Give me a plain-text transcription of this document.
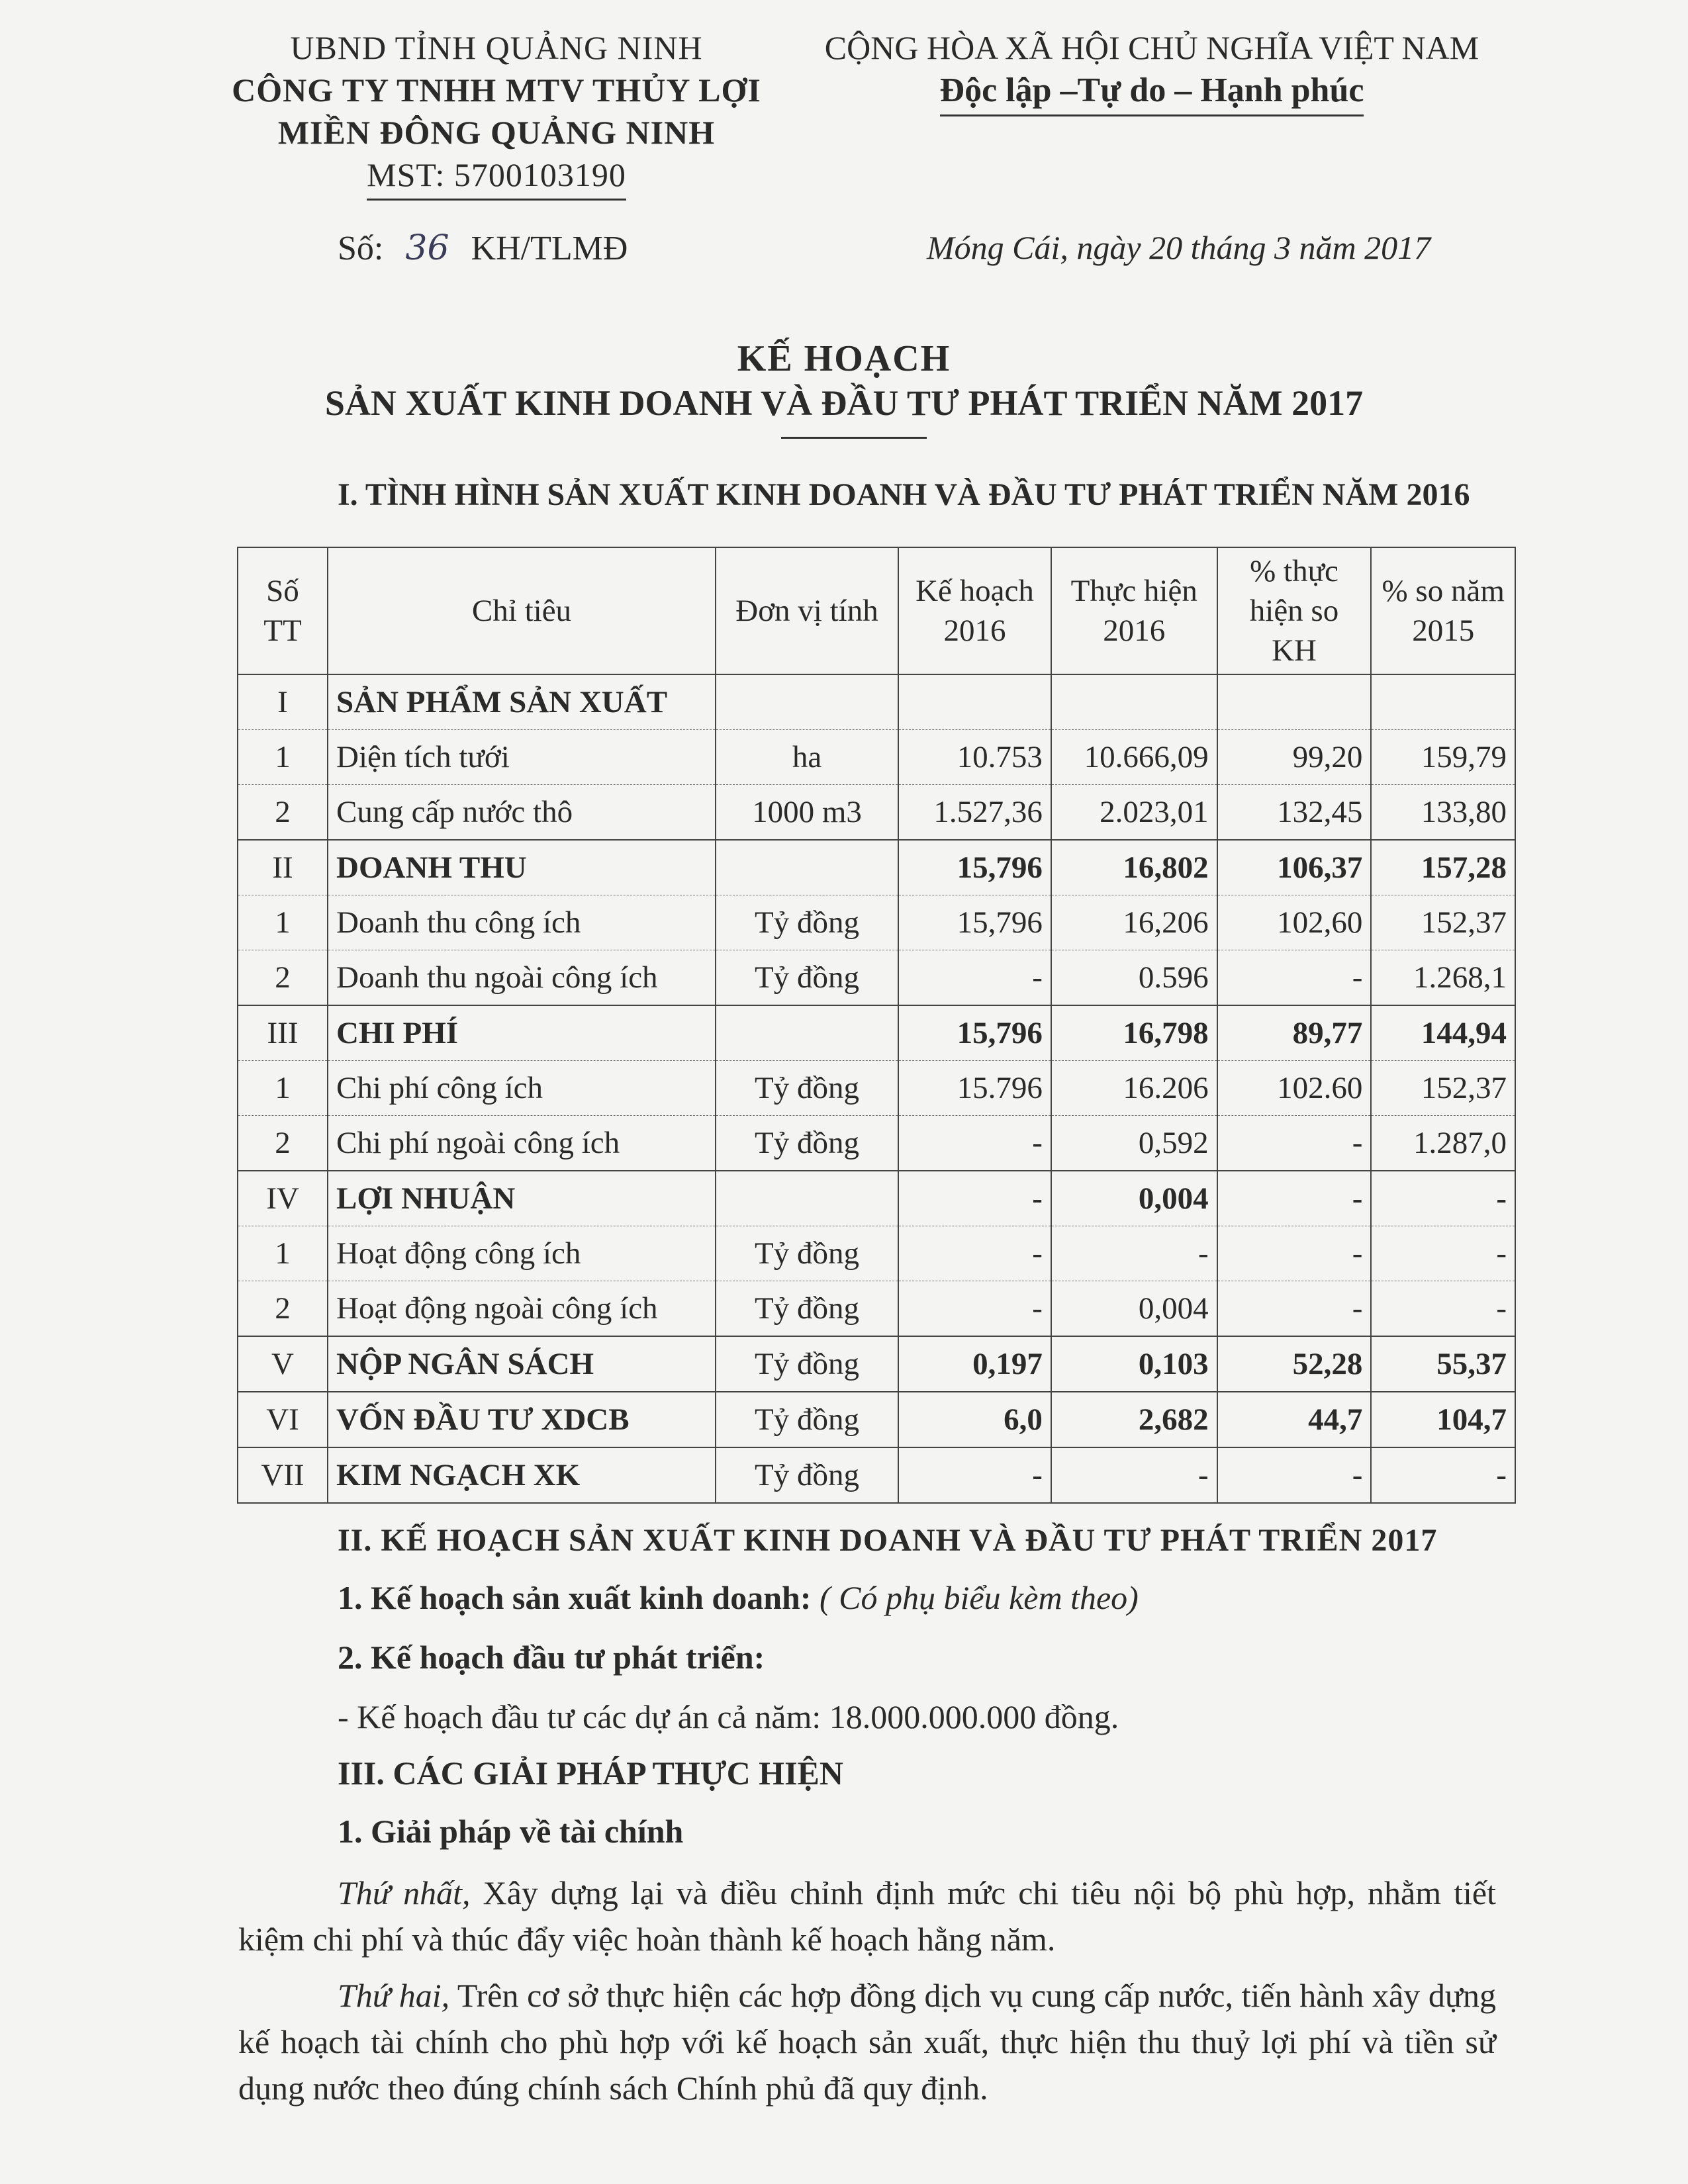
UBND TỈNH QUẢNG NINH
CÔNG TY TNHH MTV THỦY LỢI
MIỀN ĐÔNG QUẢNG NINH
MST: 5700103190
CỘNG HÒA XÃ HỘI CHỦ NGHĨA VIỆT NAM
Độc lập –Tự do – Hạnh phúc
Số: 36 KH/TLMĐ	Móng Cái, ngày 20 tháng 3 năm 2017
KẾ HOẠCH
SẢN XUẤT KINH DOANH VÀ ĐẦU TƯ PHÁT TRIỂN NĂM 2017
I. TÌNH HÌNH SẢN XUẤT KINH DOANH VÀ ĐẦU TƯ PHÁT TRIỂN NĂM 2016
Số TT	Chỉ tiêu	Đơn vị tính	Kế hoạch 2016	Thực hiện 2016	% thực hiện so KH	% so năm 2015
I	SẢN PHẨM SẢN XUẤT					
1	Diện tích tưới	ha	10.753	10.666,09	99,20	159,79
2	Cung cấp nước thô	1000 m3	1.527,36	2.023,01	132,45	133,80
II	DOANH THU		15,796	16,802	106,37	157,28
1	Doanh thu công ích	Tỷ đồng	15,796	16,206	102,60	152,37
2	Doanh thu ngoài công ích	Tỷ đồng	-	0.596	-	1.268,1
III	CHI PHÍ		15,796	16,798	89,77	144,94
1	Chi phí công ích	Tỷ đồng	15.796	16.206	102.60	152,37
2	Chi phí ngoài công ích	Tỷ đồng	-	0,592	-	1.287,0
IV	LỢI NHUẬN		-	0,004	-	-
1	Hoạt động công ích	Tỷ đồng	-	-	-	-
2	Hoạt động ngoài công ích	Tỷ đồng	-	0,004	-	-
V	NỘP NGÂN SÁCH	Tỷ đồng	0,197	0,103	52,28	55,37
VI	VỐN ĐẦU TƯ XDCB	Tỷ đồng	6,0	2,682	44,7	104,7
VII	KIM NGẠCH XK	Tỷ đồng	-	-	-	-
II. KẾ HOẠCH SẢN XUẤT KINH DOANH VÀ ĐẦU TƯ PHÁT TRIỂN 2017
1. Kế hoạch sản xuất kinh doanh: ( Có phụ biểu kèm theo)
2. Kế hoạch đầu tư phát triển:
- Kế hoạch đầu tư các dự án cả năm: 18.000.000.000 đồng.
III. CÁC GIẢI PHÁP THỰC HIỆN
1. Giải pháp về tài chính
Thứ nhất, Xây dựng lại và điều chỉnh định mức chi tiêu nội bộ phù hợp, nhằm tiết kiệm chi phí và thúc đẩy việc hoàn thành kế hoạch hằng năm.
Thứ hai, Trên cơ sở thực hiện các hợp đồng dịch vụ cung cấp nước, tiến hành xây dựng kế hoạch tài chính cho phù hợp với kế hoạch sản xuất, thực hiện thu thuỷ lợi phí và tiền sử dụng nước theo đúng chính sách Chính phủ đã quy định.
